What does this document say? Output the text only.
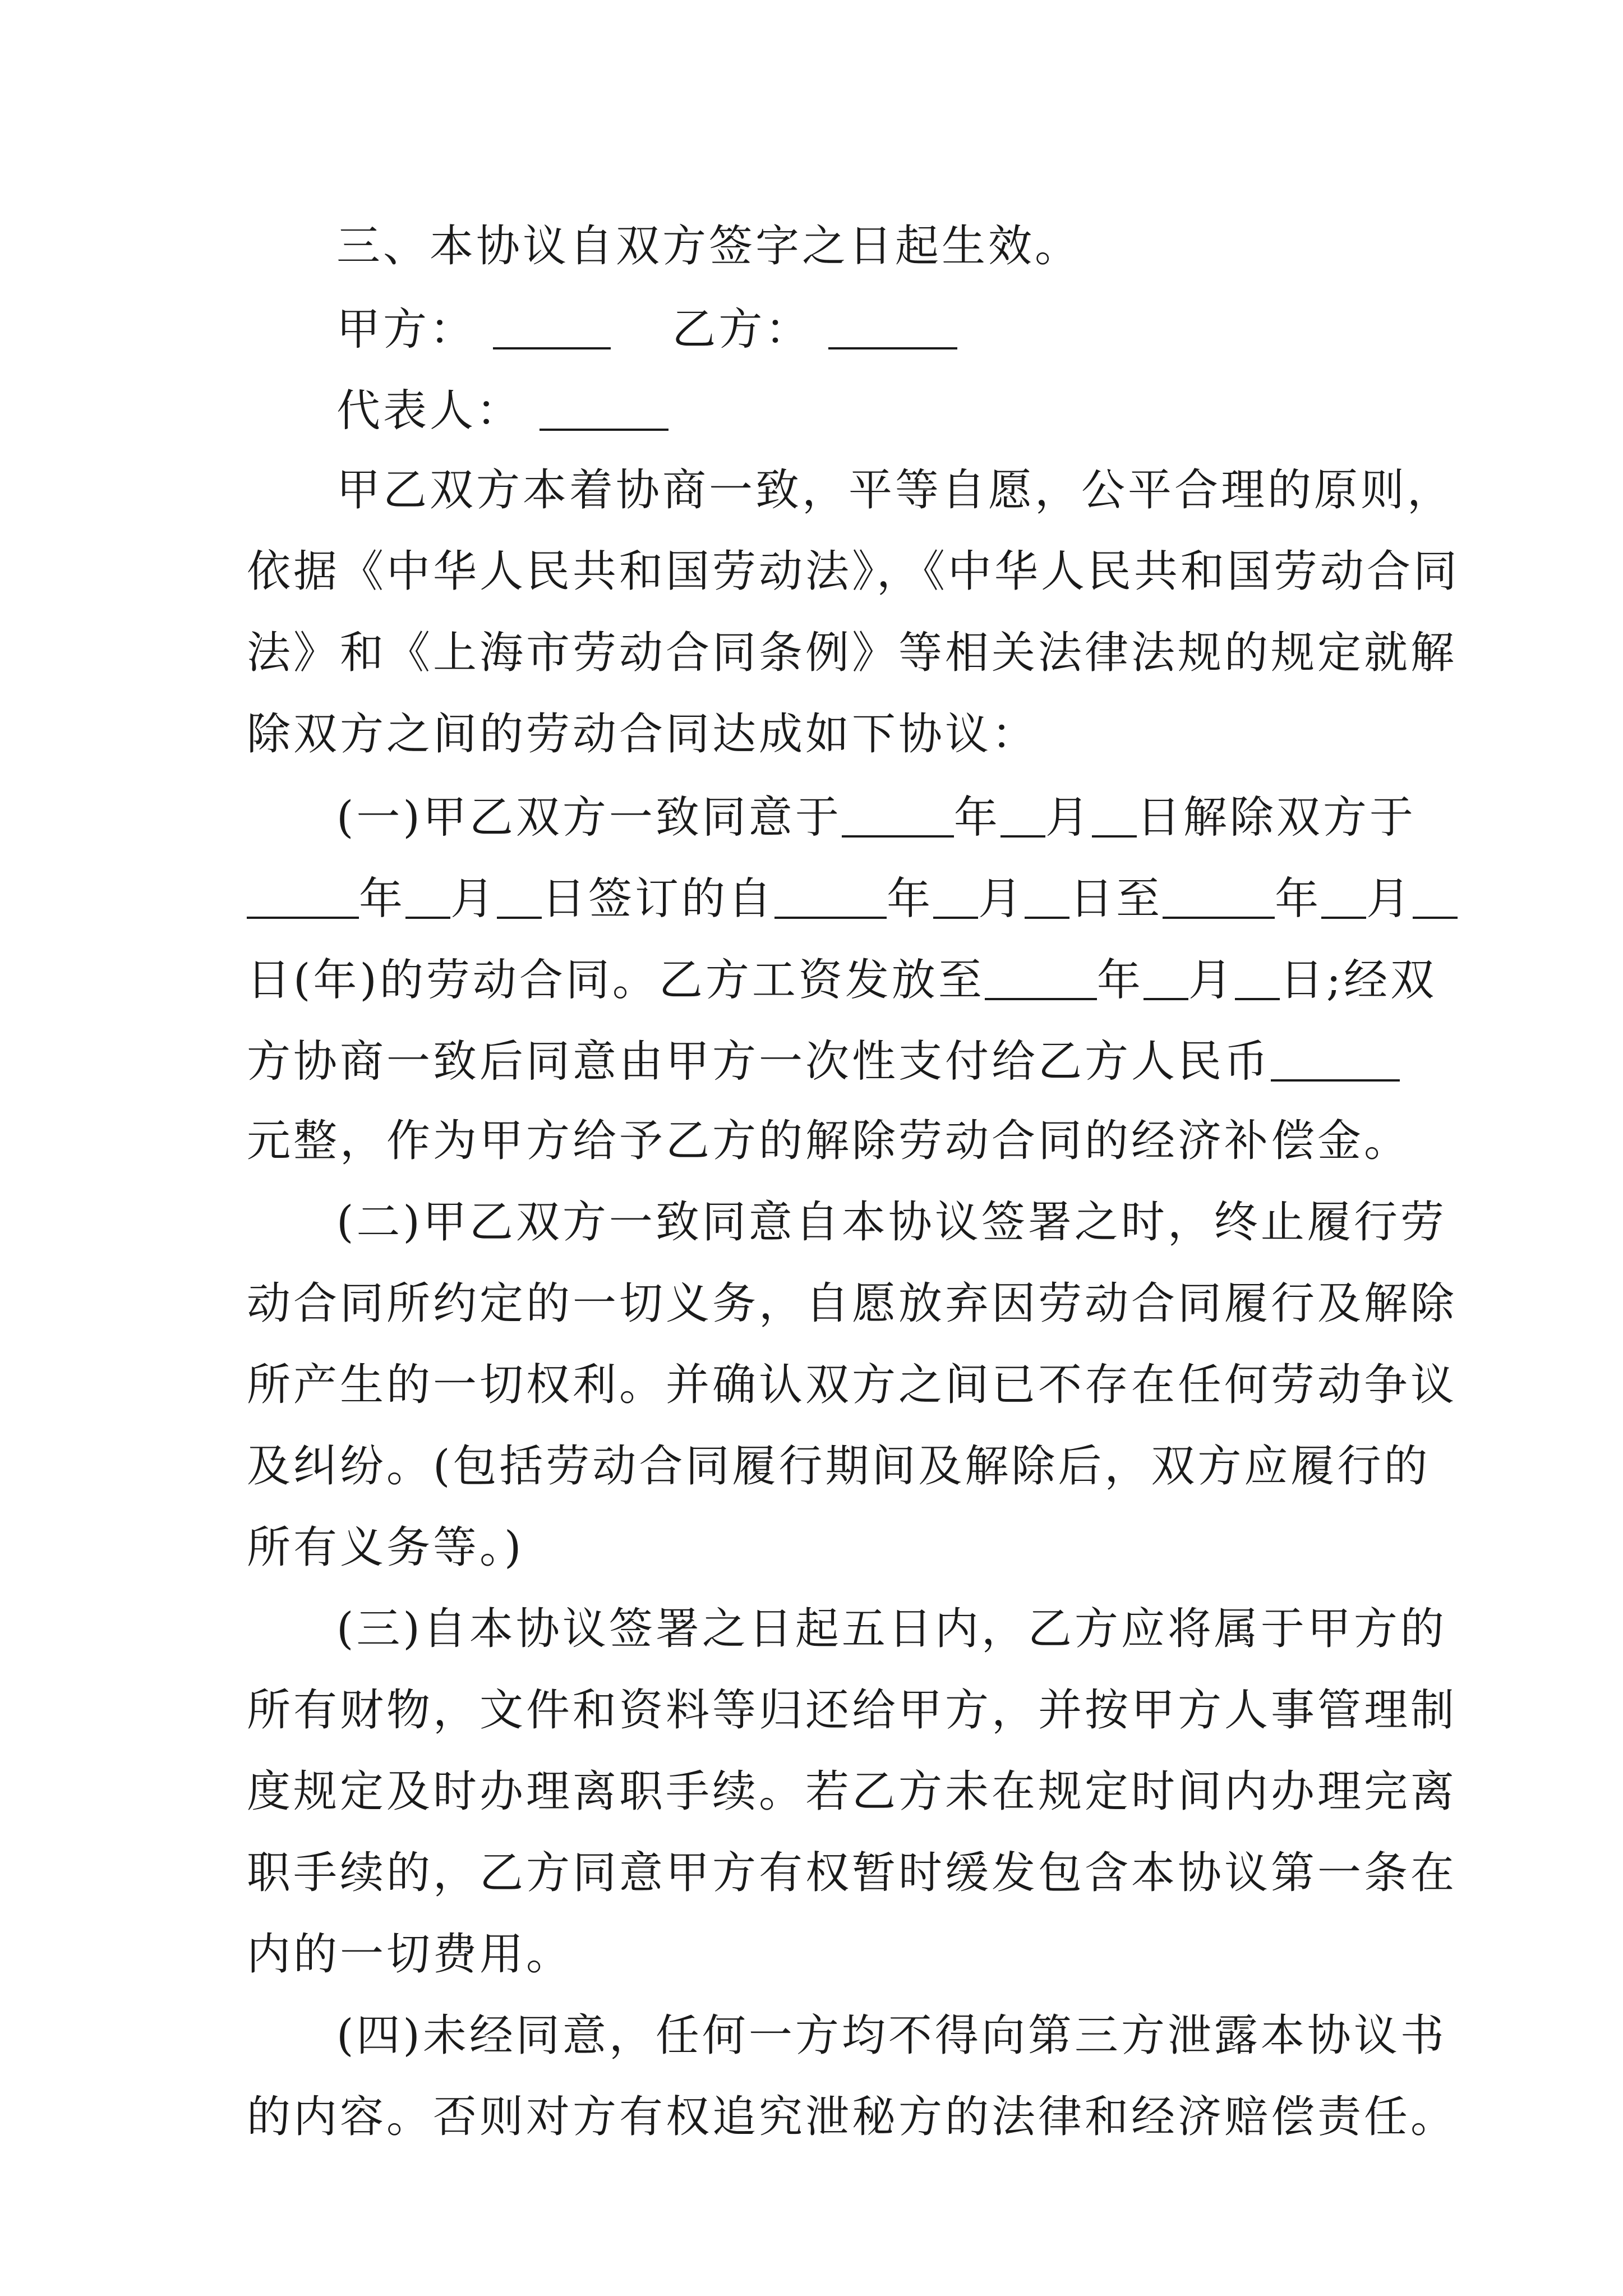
三、本协议自双方签字之日起生效。
甲方：	乙方：
代表人：
甲乙双方本着协商一致，平等自愿，公平合理的原则，
依据《中华人民共和国劳动法》，《中华人民共和国劳动合同
法》和《上海市劳动合同条例》等相关法律法规的规定就解
除双方之间的劳动合同达成如下协议：
(一)甲乙双方一致同意于	年 月 日解除双方于
年 月 日签订的自	年 月 日至	年 月
日(年)的劳动合同。乙方工资发放至	年 月 日;经双
方协商一致后同意由甲方一次性支付给乙方人民币
元整，作为甲方给予乙方的解除劳动合同的经济补偿金。
(二)甲乙双方一致同意自本协议签署之时，终止履行劳
动合同所约定的一切义务，自愿放弃因劳动合同履行及解除
所产生的一切权利。并确认双方之间已不存在任何劳动争议
及纠纷。(包括劳动合同履行期间及解除后，双方应履行的
所有义务等。)
(三)自本协议签署之日起五日内，乙方应将属于甲方的
所有财物，文件和资料等归还给甲方，并按甲方人事管理制
度规定及时办理离职手续。若乙方未在规定时间内办理完离
职手续的，乙方同意甲方有权暂时缓发包含本协议第一条在
内的一切费用。
(四)未经同意，任何一方均不得向第三方泄露本协议书
的内容。否则对方有权追究泄秘方的法律和经济赔偿责任。
